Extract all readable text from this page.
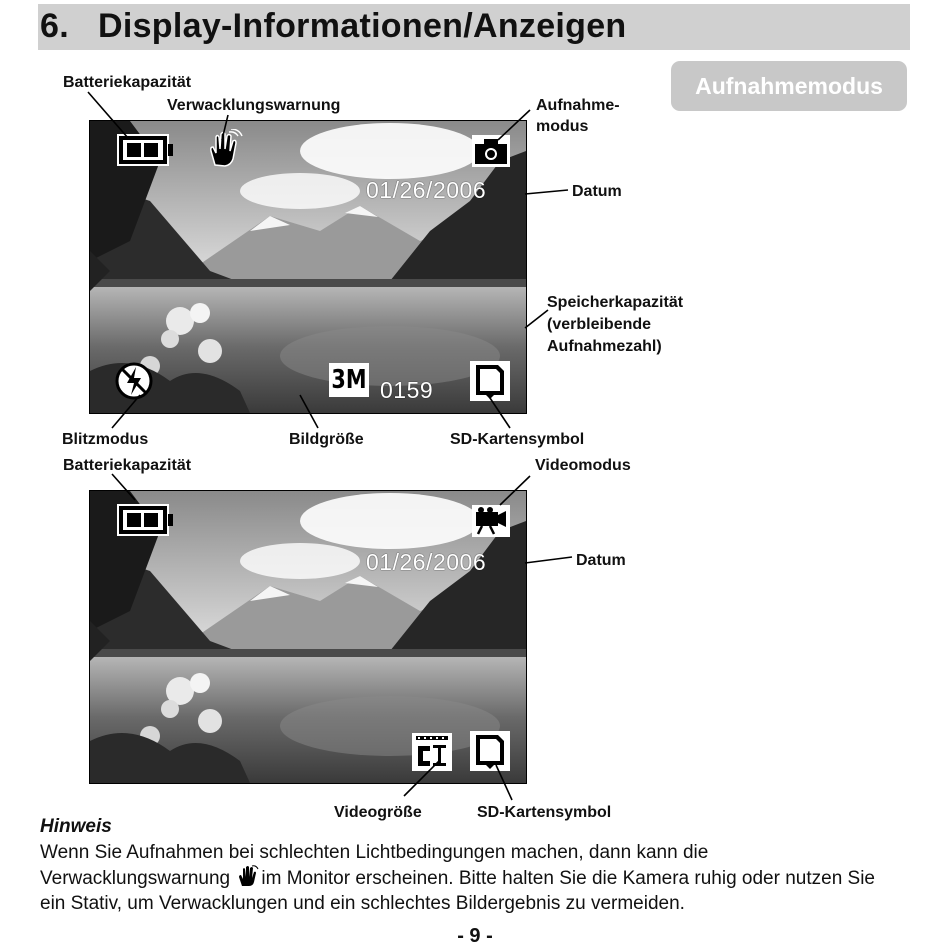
6. Display-Informationen/Anzeigen
Aufnahmemodus
01/26/2006
3M 0159
01/26/2006
Batteriekapazität
Verwacklungswarnung	Aufnahme-
modus
Datum
Speicherkapazität
(verbleibende
Aufnahmezahl)
Blitzmodus	Bildgröße	SD-Kartensymbol
Batteriekapazität	Videomodus
Datum
Videogröße	SD-Kartensymbol
Hinweis
Wenn Sie Aufnahmen bei schlechten Lichtbedingungen machen, dann kann die Verwacklungswarnung im Monitor erscheinen. Bitte halten Sie die Kamera ruhig oder nutzen Sie ein Stativ, um Verwacklungen und ein schlechtes Bildergebnis zu vermeiden.
- 9 -
